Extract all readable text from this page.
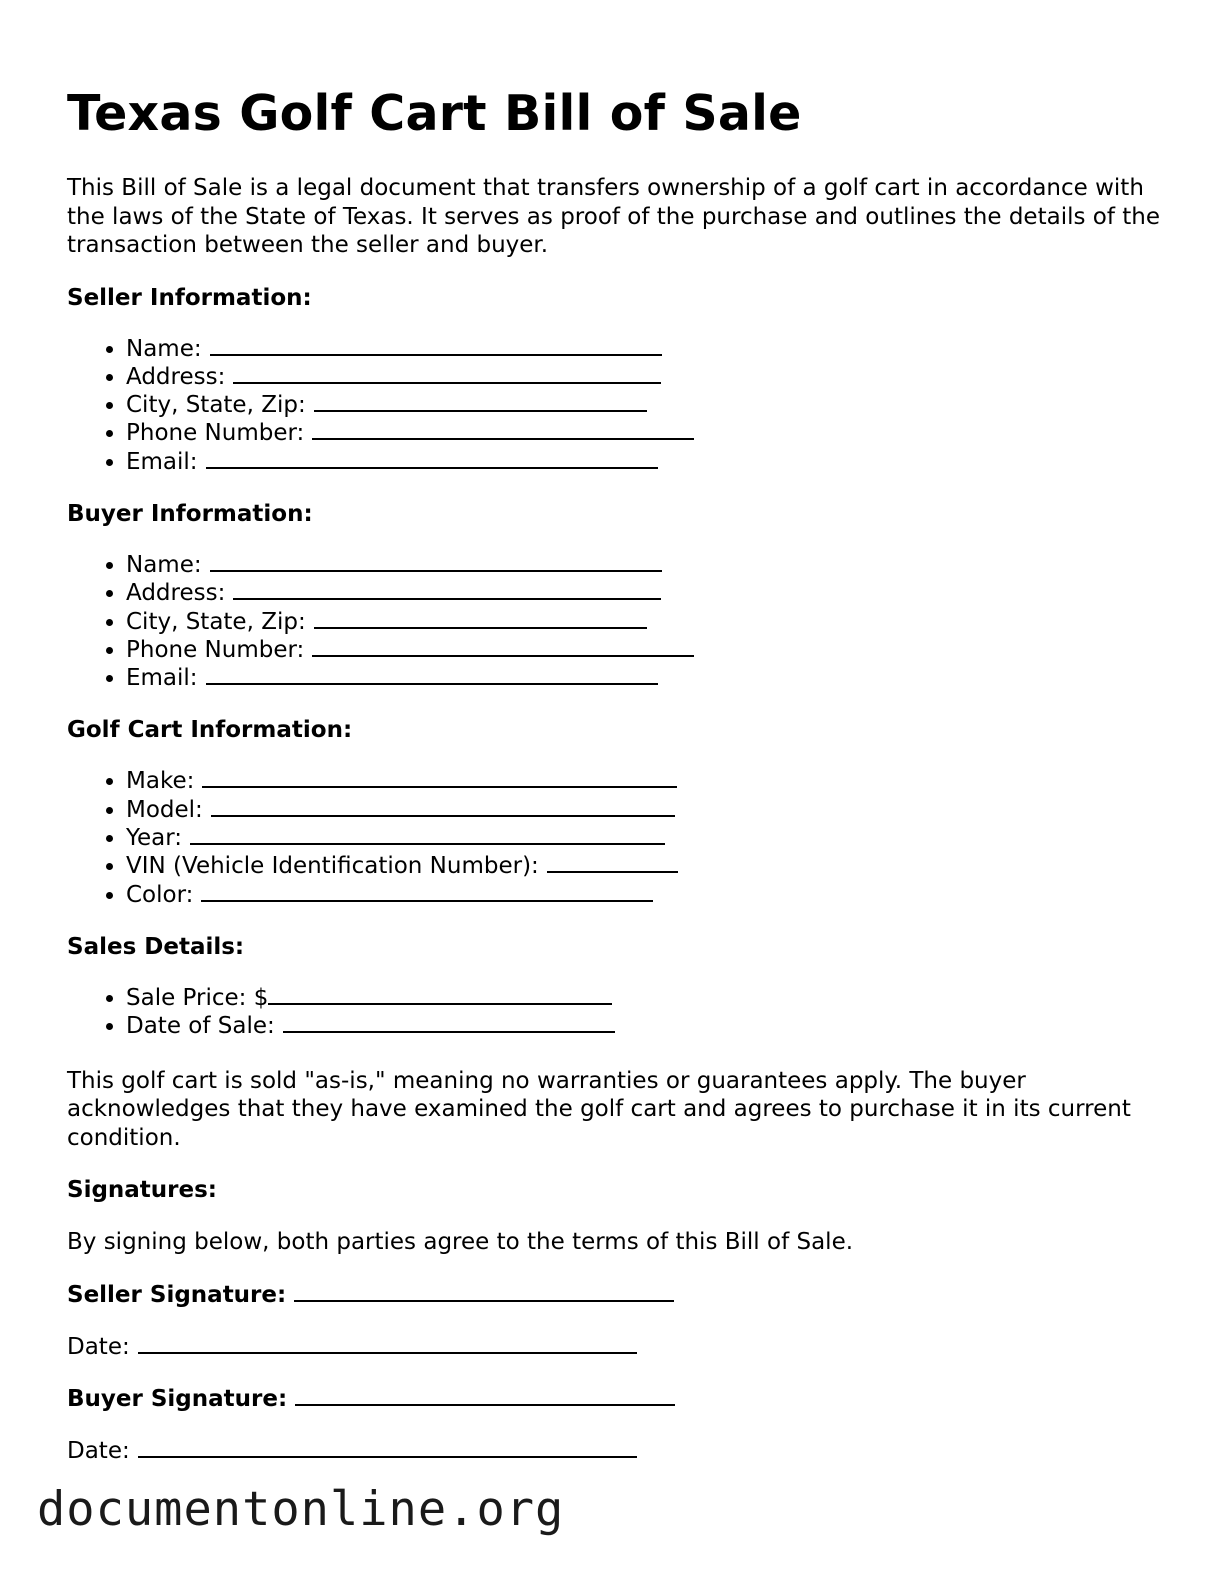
Texas Golf Cart Bill of Sale

This Bill of Sale is a legal document that transfers ownership of a golf cart in accordance with the laws of the State of Texas. It serves as proof of the purchase and outlines the details of the transaction between the seller and buyer.

Seller Information:
• Name:
• Address:
• City, State, Zip:
• Phone Number:
• Email:
Buyer Information:
• Name:
• Address:
• City, State, Zip:
• Phone Number:
• Email:
Golf Cart Information:
• Make:
• Model:
• Year:
• VIN (Vehicle Identification Number):
• Color:
Sales Details:
• Sale Price: $
• Date of Sale:

This golf cart is sold "as-is," meaning no warranties or guarantees apply. The buyer acknowledges that they have examined the golf cart and agrees to purchase it in its current condition.

Signatures:

By signing below, both parties agree to the terms of this Bill of Sale.

Seller Signature:
Date:
Buyer Signature:
Date:
documentonline.org
